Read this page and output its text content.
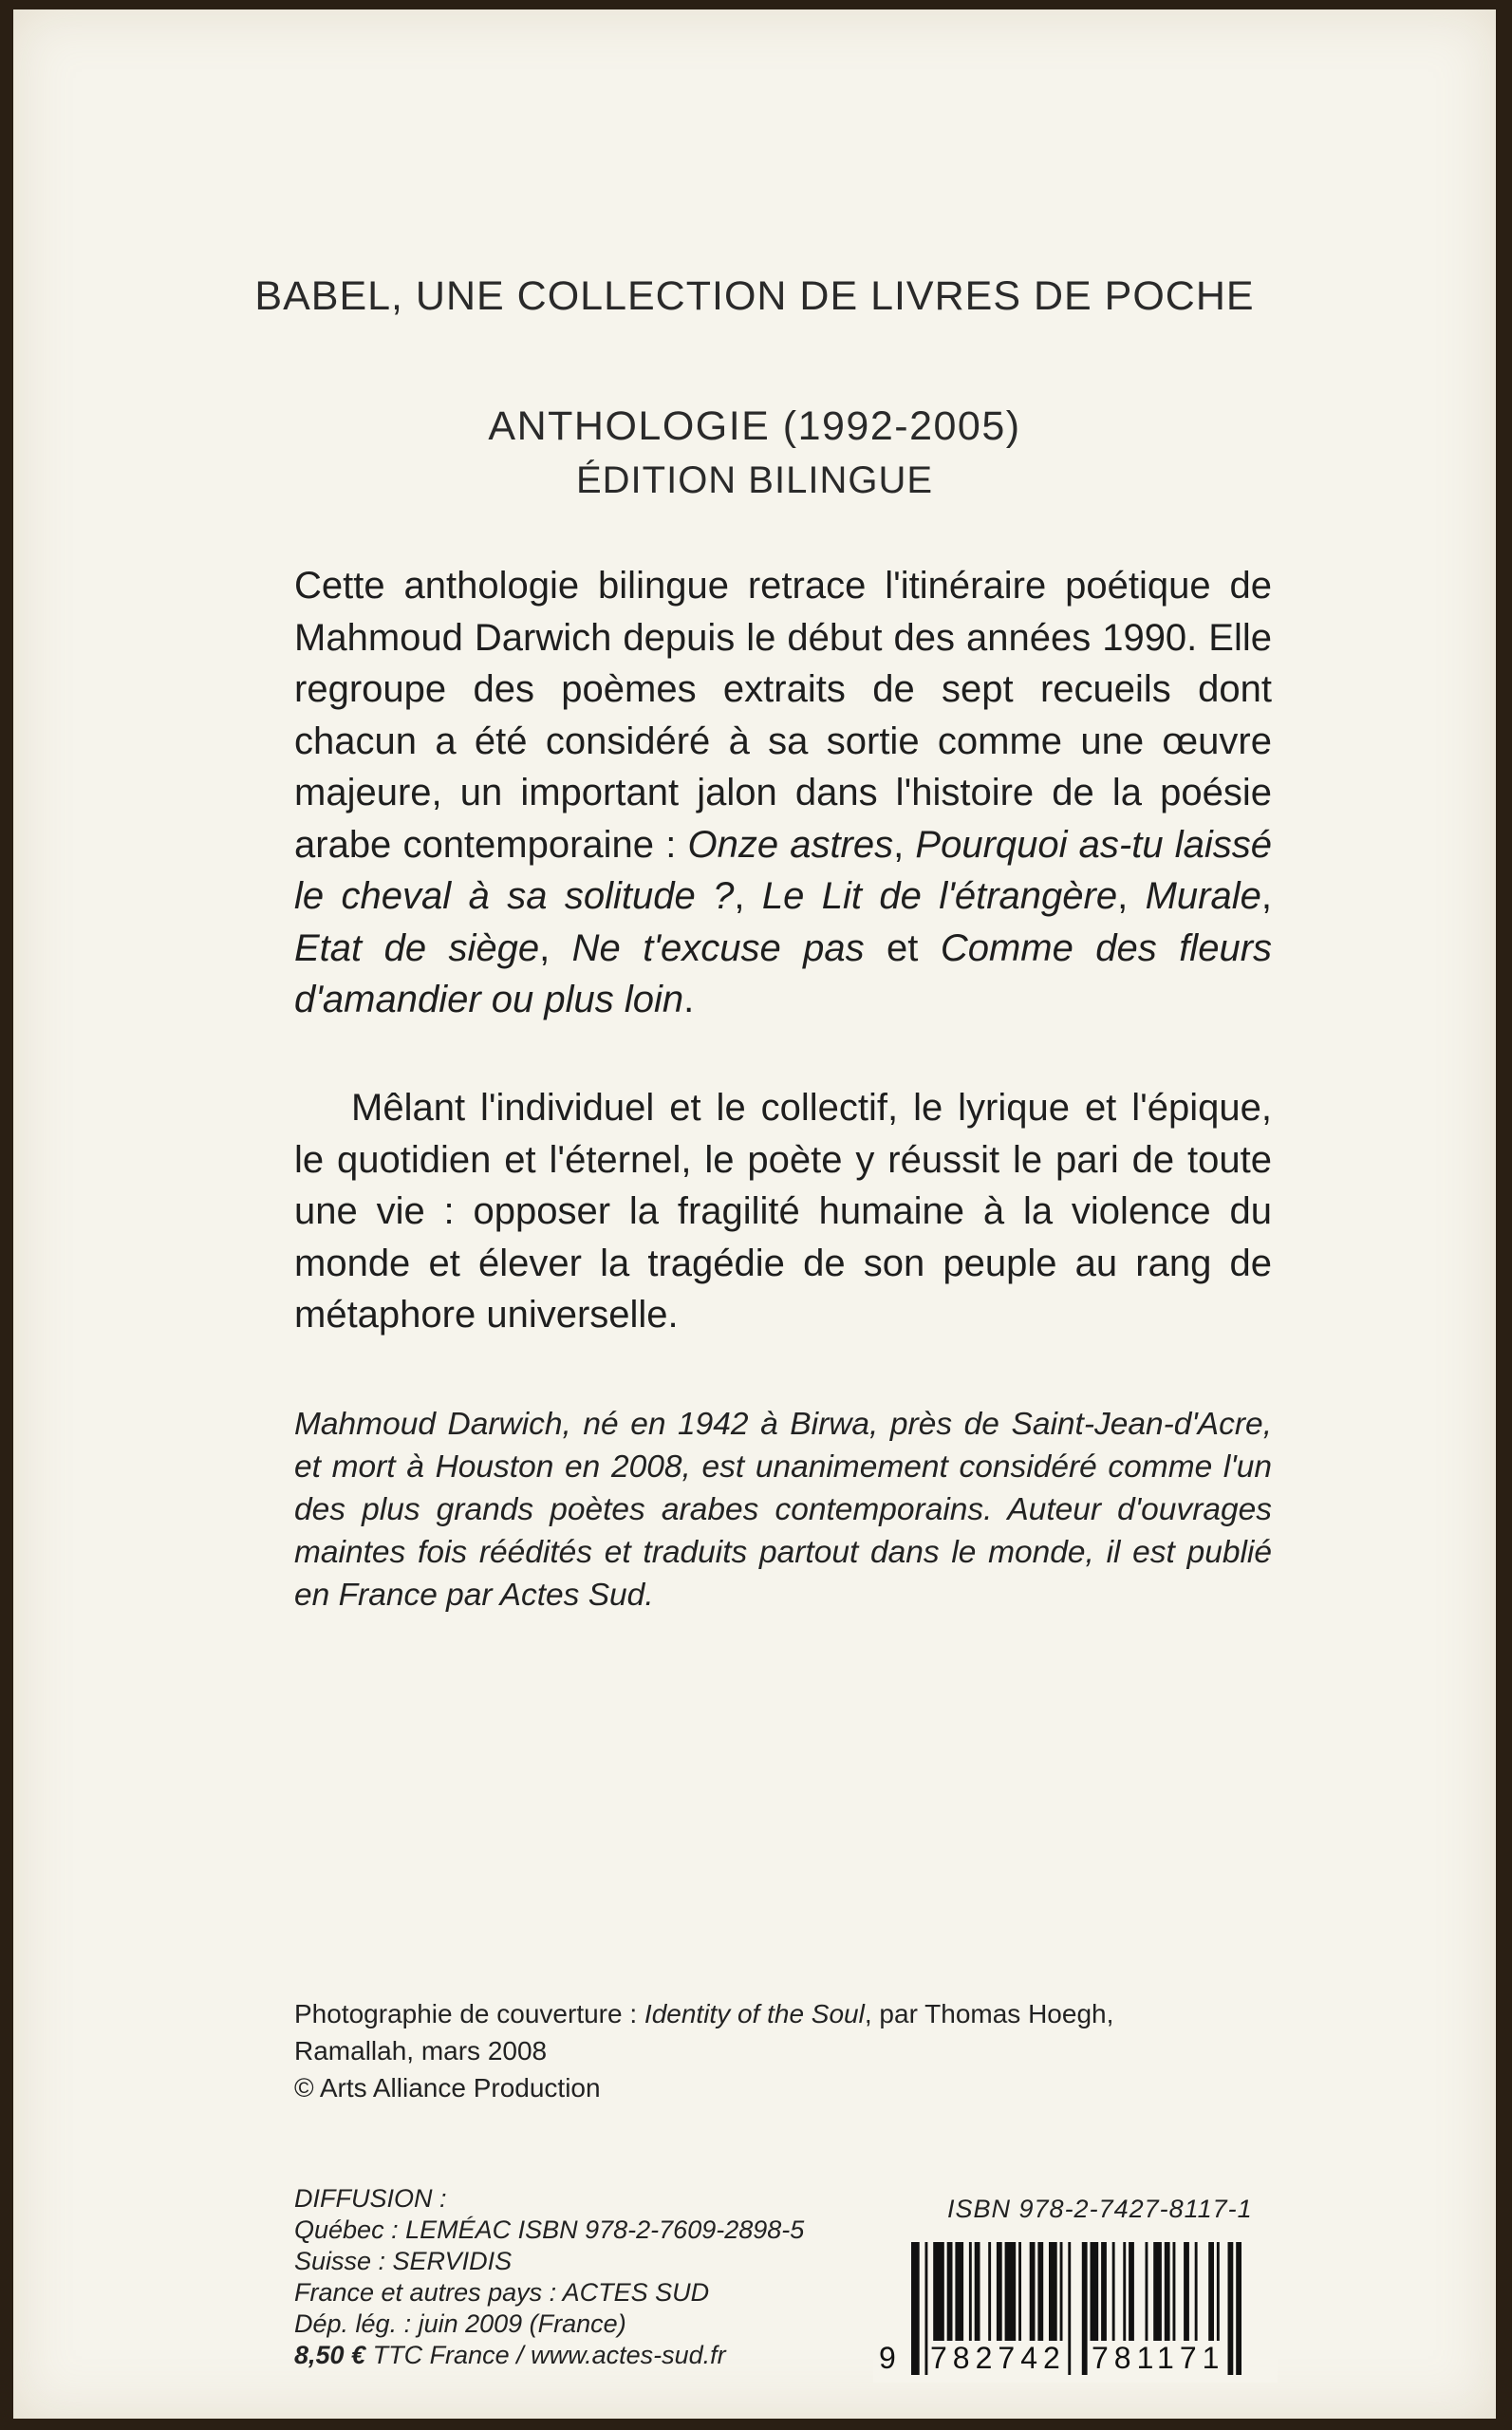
BABEL, UNE COLLECTION DE LIVRES DE POCHE
ANTHOLOGIE (1992-2005)
ÉDITION BILINGUE
Cette anthologie bilingue retrace l'itinéraire poétique de Mahmoud Darwich depuis le début des années 1990. Elle regroupe des poèmes extraits de sept recueils dont chacun a été considéré à sa sortie comme une œuvre majeure, un important jalon dans l'histoire de la poésie arabe contemporaine : Onze astres, Pourquoi as-tu laissé le cheval à sa solitude ?, Le Lit de l'étrangère, Murale, Etat de siège, Ne t'excuse pas et Comme des fleurs d'amandier ou plus loin.
Mêlant l'individuel et le collectif, le lyrique et l'épique, le quotidien et l'éternel, le poète y réussit le pari de toute une vie : opposer la fragilité humaine à la violence du monde et élever la tragédie de son peuple au rang de métaphore universelle.
Mahmoud Darwich, né en 1942 à Birwa, près de Saint-Jean-d'Acre, et mort à Houston en 2008, est unanimement considéré comme l'un des plus grands poètes arabes contemporains. Auteur d'ouvrages maintes fois réédités et traduits partout dans le monde, il est publié en France par Actes Sud.
Photographie de couverture : Identity of the Soul, par Thomas Hoegh,
Ramallah, mars 2008
© Arts Alliance Production
DIFFUSION :
Québec : LEMÉAC ISBN 978-2-7609-2898-5
Suisse : SERVIDIS
France et autres pays : ACTES SUD
Dép. lég. : juin 2009 (France)
8,50 € TTC France / www.actes-sud.fr
ISBN 978-2-7427-8117-1
9 782742 781171
